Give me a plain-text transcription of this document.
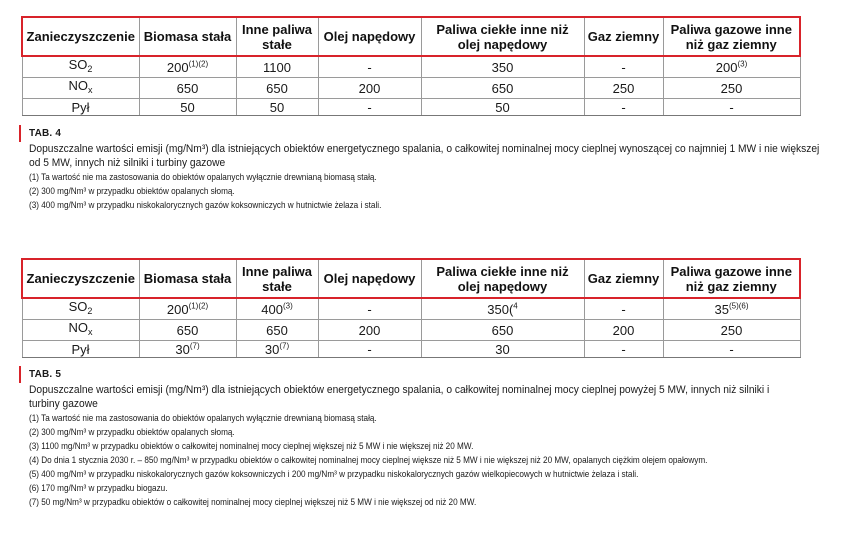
Zanieczyszczenie	Biomasa stała	Inne paliwa stałe	Olej napędowy	Paliwa ciekłe inne niż olej napędowy	Gaz ziemny	Paliwa gazowe inne niż gaz ziemny
$SO_2$	$200^{(1)(2)}$	1100	-	350	-	200$^{(3)}$
$NO_x$	650	650	200	650	250	250
Pył	50	50	-	50	-	-
TAB. 4
Dopuszczalne wartości emisji (mg/Nm³) dla istniejących obiektów energetycznego spalania, o całkowitej nominalnej mocy cieplnej wynoszącej co najmniej 1 MW i nie większej od 5 MW, innych niż silniki i turbiny gazowe
(1) Ta wartość nie ma zastosowania do obiektów opalanych wyłącznie drewnianą biomasą stałą.
(2) 300 mg/Nm³ w przypadku obiektów opalanych słomą.
(3) 400 mg/Nm³ w przypadku niskokalorycznych gazów koksowniczych w hutnictwie żelaza i stali.
Zanieczyszczenie	Biomasa stała	Inne paliwa stałe	Olej napędowy	Paliwa ciekłe inne niż olej napędowy	Gaz ziemny	Paliwa gazowe inne niż gaz ziemny
$SO_2$	$200^{(1)(2)}$	400$^{(3)}$	-	350($^4$	-	$35^{(5)(6)}$
$NO_x$	650	650	200	650	200	250
Pył	30$^{(7)}$	30$^{(7)}$	-	30	-	-
TAB. 5
Dopuszczalne wartości emisji (mg/Nm³) dla istniejących obiektów energetycznego spalania, o całkowitej nominalnej mocy cieplnej powyżej 5 MW, innych niż silniki i turbiny gazowe
(1) Ta wartość nie ma zastosowania do obiektów opalanych wyłącznie drewnianą biomasą stałą.
(2) 300 mg/Nm³ w przypadku obiektów opalanych słomą.
(3) 1100 mg/Nm³ w przypadku obiektów o całkowitej nominalnej mocy cieplnej większej niż 5 MW i nie większej niż 20 MW.
(4) Do dnia 1 stycznia 2030 r. – 850 mg/Nm³ w przypadku obiektów o całkowitej nominalnej mocy cieplnej większe niż 5 MW i nie większej niż 20 MW, opalanych ciężkim olejem opałowym.
(5) 400 mg/Nm³ w przypadku niskokalorycznych gazów koksowniczych i 200 mg/Nm³ w przypadku niskokalorycznych gazów wielkopiecowych w hutnictwie żelaza i stali.
(6) 170 mg/Nm³ w przypadku biogazu.
(7) 50 mg/Nm³ w przypadku obiektów o całkowitej nominalnej mocy cieplnej większej niż 5 MW i nie większej od niż 20 MW.
